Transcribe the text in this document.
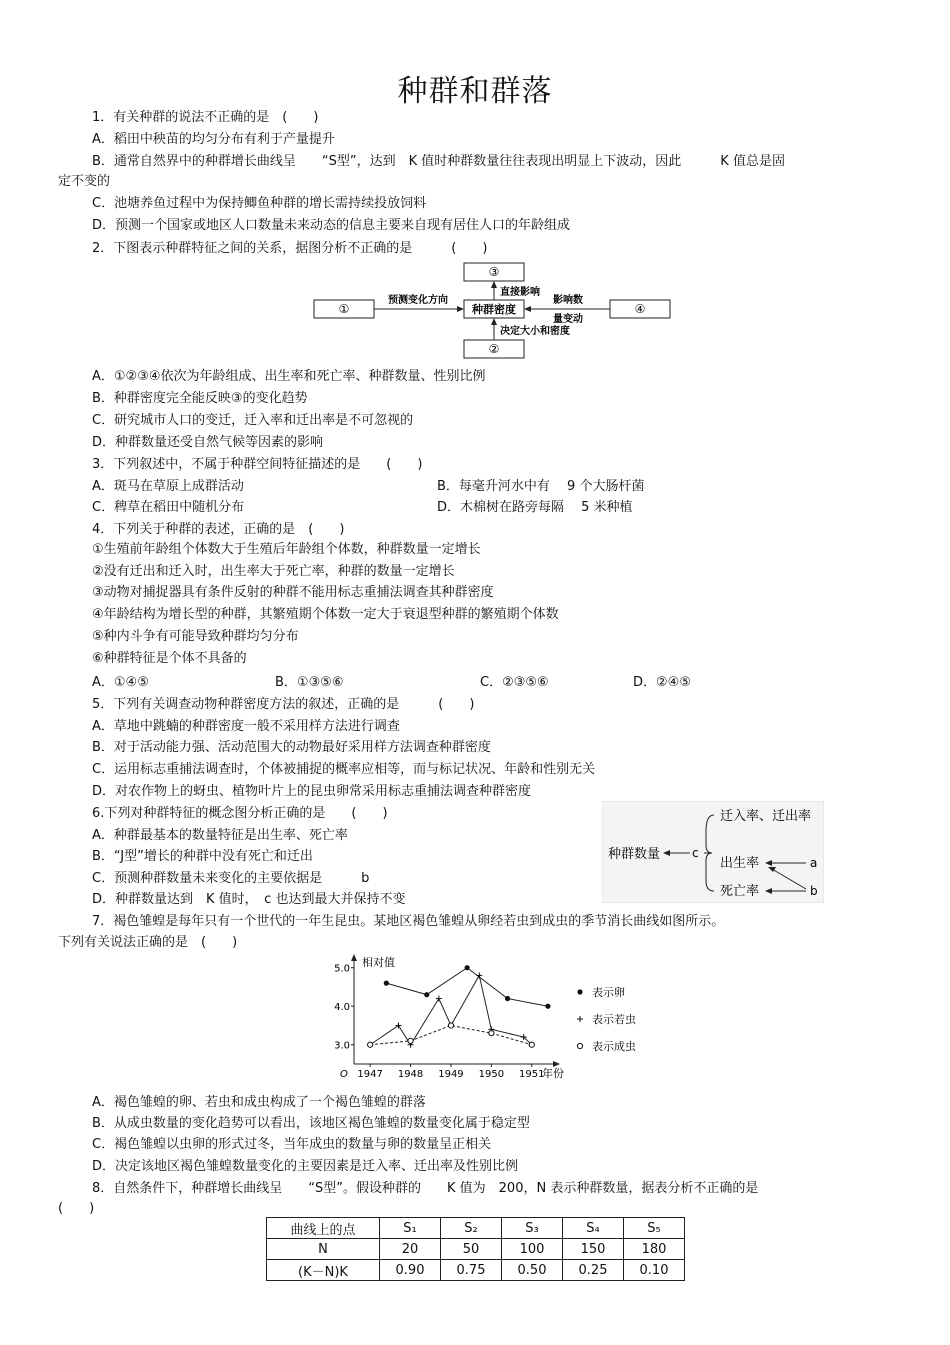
种群和群落
1．有关种群的说法不正确的是　(　　)
A．稻田中秧苗的均匀分布有利于产量提升
B．通常自然界中的种群增长曲线呈　　“S型”，达到　K 值时种群数量往往表现出明显上下波动，因此　　　K 值总是固
定不变的
C．池塘养鱼过程中为保持鲫鱼种群的增长需持续投放饲料
D．预测一个国家或地区人口数量未来动态的信息主要来自现有居住人口的年龄组成
2．下图表示种群特征之间的关系，据图分析不正确的是　　　(　　)
①
③
种群密度
②
④
预测变化方向
直接影响
决定大小和密度
影响数
量变动
A．①②③④依次为年龄组成、出生率和死亡率、种群数量、性别比例
B．种群密度完全能反映③的变化趋势
C．研究城市人口的变迁，迁入率和迁出率是不可忽视的
D．种群数量还受自然气候等因素的影响
3．下列叙述中，不属于种群空间特征描述的是　　(　　)
A．斑马在草原上成群活动	B．每毫升河水中有　 9 个大肠杆菌
C．稗草在稻田中随机分布	D．木棉树在路旁每隔　 5 米种植
4．下列关于种群的表述，正确的是　(　　)
①生殖前年龄组个体数大于生殖后年龄组个体数，种群数量一定增长
②没有迁出和迁入时，出生率大于死亡率，种群的数量一定增长
③动物对捕捉器具有条件反射的种群不能用标志重捕法调查其种群密度
④年龄结构为增长型的种群，其繁殖期个体数一定大于衰退型种群的繁殖期个体数
⑤种内斗争有可能导致种群均匀分布
⑥种群特征是个体不具备的
A．①④⑤	B．①③⑤⑥	C．②③⑤⑥	D．②④⑤
5．下列有关调查动物种群密度方法的叙述，正确的是　　　(　　)
A．草地中跳蝻的种群密度一般不采用样方法进行调查
B．对于活动能力强、活动范围大的动物最好采用样方法调查种群密度
C．运用标志重捕法调查时，个体被捕捉的概率应相等，而与标记状况、年龄和性别无关
D．对农作物上的蚜虫、植物叶片上的昆虫卵常采用标志重捕法调查种群密度
6.下列对种群特征的概念图分析正确的是　　(　　)
A．种群最基本的数量特征是出生率、死亡率
B．“J型”增长的种群中没有死亡和迁出
C．预测种群数量未来变化的主要依据是　　　b
D．种群数量达到　K 值时，　c 也达到最大并保持不变
种群数量	c
迁入率、迁出率
出生率
死亡率
a
b
7．褐色雏蝗是每年只有一个世代的一年生昆虫。某地区褐色雏蝗从卵经若虫到成虫的季节消长曲线如图所示。
下列有关说法正确的是　(　　)
相对值
O	年份
3.0
4.0
5.0
1947 1948 1949 1950 1951
表示卵
表示若虫
表示成虫
A．褐色雏蝗的卵、若虫和成虫构成了一个褐色雏蝗的群落
B．从成虫数量的变化趋势可以看出，该地区褐色雏蝗的数量变化属于稳定型
C．褐色雏蝗以虫卵的形式过冬，当年成虫的数量与卵的数量呈正相关
D．决定该地区褐色雏蝗数量变化的主要因素是迁入率、迁出率及性别比例
8．自然条件下，种群增长曲线呈　　“S型”。假设种群的　　K 值为　200，N 表示种群数量，据表分析不正确的是
(　　)
曲线上的点	S₁	S₂	S₃	S₄	S₅
N	20	50	100	150	180
(K－N)K	0.90	0.75	0.50	0.25	0.10
